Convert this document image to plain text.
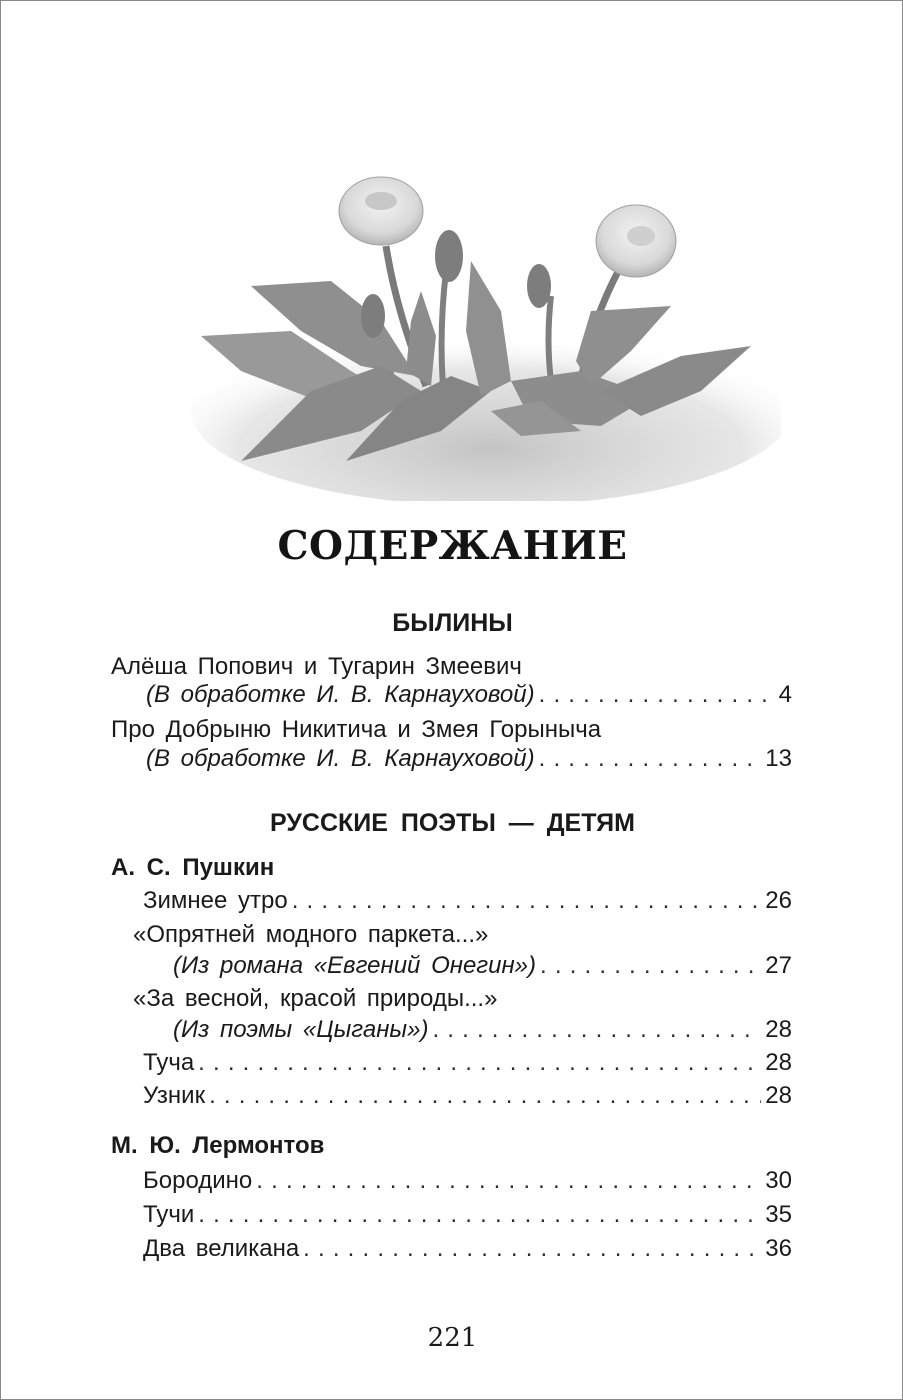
СОДЕРЖАНИЕ
БЫЛИНЫ
Алёша Попович и Тугарин Змеевич
(В обработке И. В. Карнауховой) . . .	4
Про Добрыню Никитича и Змея Горыныча
(В обработке И. В. Карнауховой) . . .	13
РУССКИЕ ПОЭТЫ — ДЕТЯМ
А. С. Пушкин
Зимнее утро . . .	26
«Опрятней модного паркета...»
(Из романа «Евгений Онегин») . . .	27
«За весной, красой природы...»
(Из поэмы «Цыганы») . . .	28
Туча . . .	28
Узник . . .	28
М. Ю. Лермонтов
Бородино . . .	30
Тучи . . .	35
Два великана . . .	36
221
